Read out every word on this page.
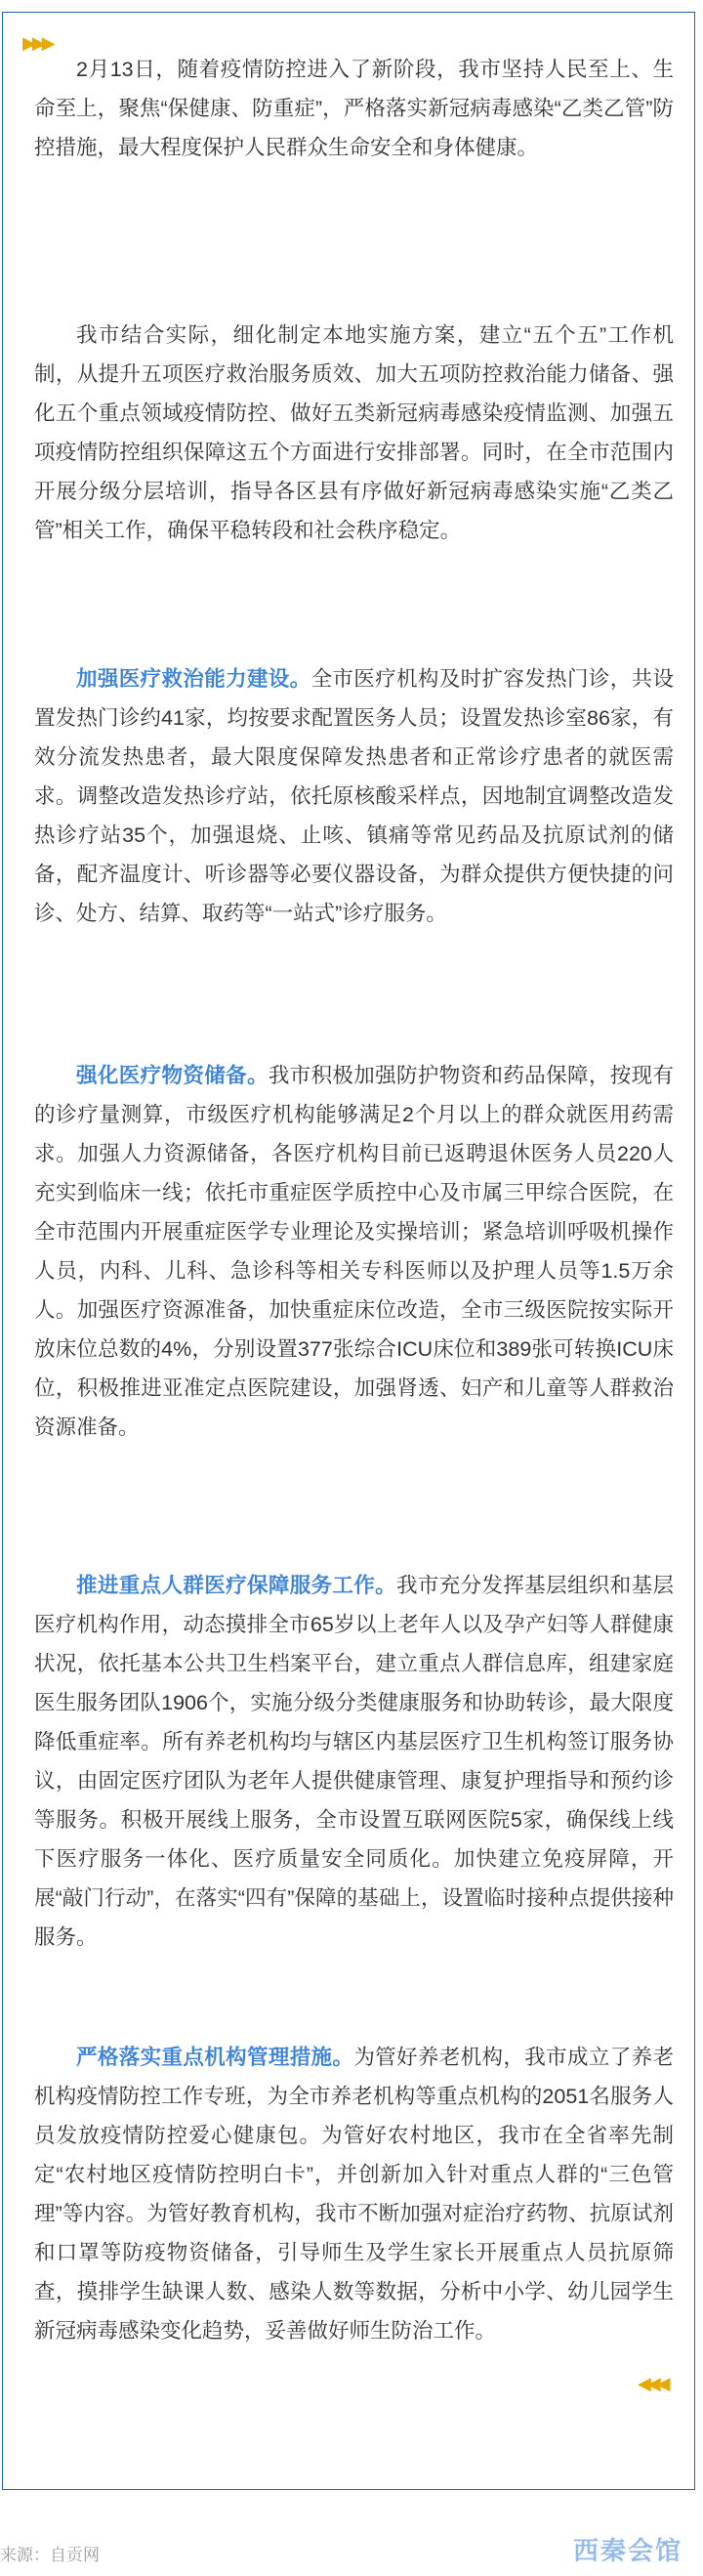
▶▶▶

2月13日，随着疫情防控进入了新阶段，我市坚持人民至上、生命至上，聚焦“保健康、防重症”，严格落实新冠病毒感染“乙类乙管”防控措施，最大程度保护人民群众生命安全和身体健康。

我市结合实际，细化制定本地实施方案，建立“五个五”工作机制，从提升五项医疗救治服务质效、加大五项防控救治能力储备、强化五个重点领域疫情防控、做好五类新冠病毒感染疫情监测、加强五项疫情防控组织保障这五个方面进行安排部署。同时，在全市范围内开展分级分层培训，指导各区县有序做好新冠病毒感染实施“乙类乙管”相关工作，确保平稳转段和社会秩序稳定。

加强医疗救治能力建设。全市医疗机构及时扩容发热门诊，共设置发热门诊约41家，均按要求配置医务人员；设置发热诊室86家，有效分流发热患者，最大限度保障发热患者和正常诊疗患者的就医需求。调整改造发热诊疗站，依托原核酸采样点，因地制宜调整改造发热诊疗站35个，加强退烧、止咳、镇痛等常见药品及抗原试剂的储备，配齐温度计、听诊器等必要仪器设备，为群众提供方便快捷的问诊、处方、结算、取药等“一站式”诊疗服务。

强化医疗物资储备。我市积极加强防护物资和药品保障，按现有的诊疗量测算，市级医疗机构能够满足2个月以上的群众就医用药需求。加强人力资源储备，各医疗机构目前已返聘退休医务人员220人充实到临床一线；依托市重症医学质控中心及市属三甲综合医院，在全市范围内开展重症医学专业理论及实操培训；紧急培训呼吸机操作人员，内科、儿科、急诊科等相关专科医师以及护理人员等1.5万余人。加强医疗资源准备，加快重症床位改造，全市三级医院按实际开放床位总数的4%，分别设置377张综合ICU床位和389张可转换ICU床位，积极推进亚准定点医院建设，加强肾透、妇产和儿童等人群救治资源准备。

推进重点人群医疗保障服务工作。我市充分发挥基层组织和基层医疗机构作用，动态摸排全市65岁以上老年人以及孕产妇等人群健康状况，依托基本公共卫生档案平台，建立重点人群信息库，组建家庭医生服务团队1906个，实施分级分类健康服务和协助转诊，最大限度降低重症率。所有养老机构均与辖区内基层医疗卫生机构签订服务协议，由固定医疗团队为老年人提供健康管理、康复护理指导和预约诊等服务。积极开展线上服务，全市设置互联网医院5家，确保线上线下医疗服务一体化、医疗质量安全同质化。加快建立免疫屏障，开展“敲门行动”，在落实“四有”保障的基础上，设置临时接种点提供接种服务。

严格落实重点机构管理措施。为管好养老机构，我市成立了养老机构疫情防控工作专班，为全市养老机构等重点机构的2051名服务人员发放疫情防控爱心健康包。为管好农村地区，我市在全省率先制定“农村地区疫情防控明白卡”，并创新加入针对重点人群的“三色管理”等内容。为管好教育机构，我市不断加强对症治疗药物、抗原试剂和口罩等防疫物资储备，引导师生及学生家长开展重点人员抗原筛查，摸排学生缺课人数、感染人数等数据，分析中小学、幼儿园学生新冠病毒感染变化趋势，妥善做好师生防治工作。

◀◀◀
来源：自贡网	西秦会馆
